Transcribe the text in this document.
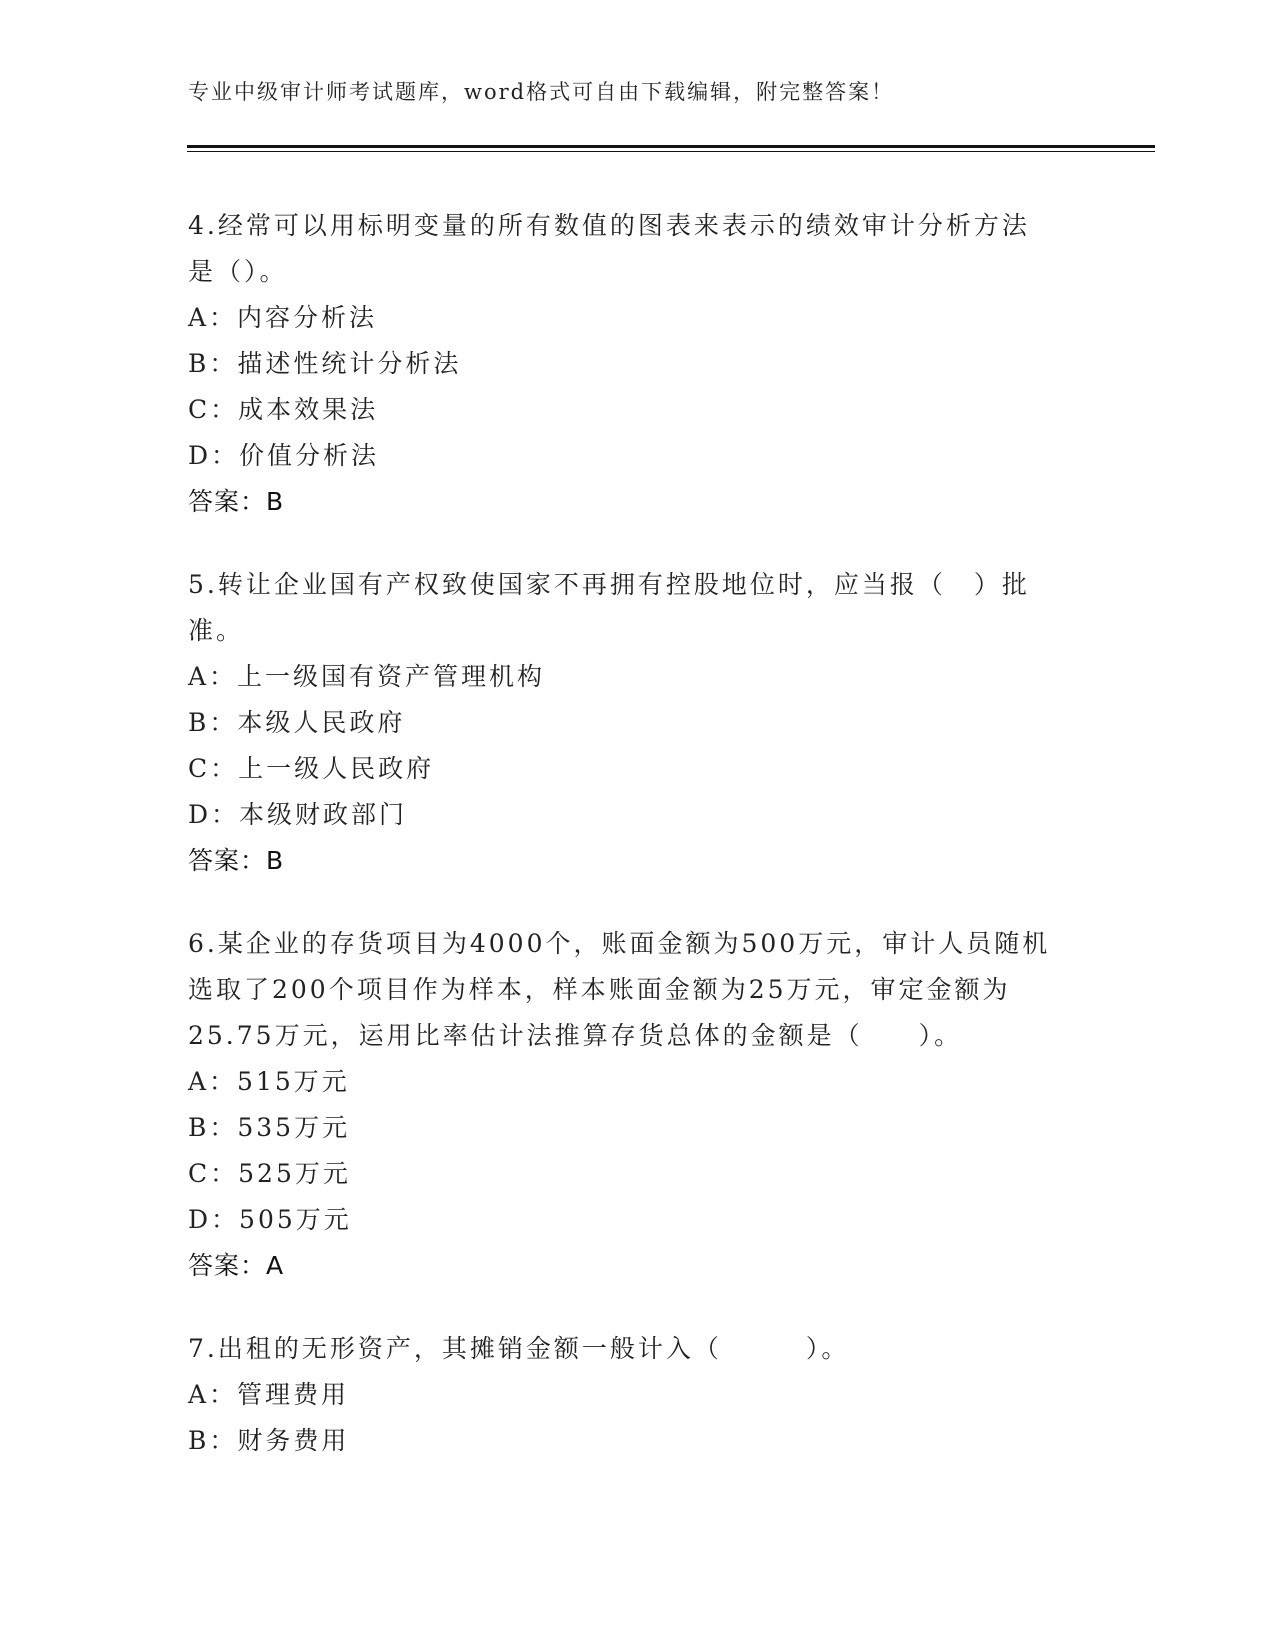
专业中级审计师考试题库，word格式可自由下载编辑，附完整答案！
4.经常可以用标明变量的所有数值的图表来表示的绩效审计分析方法
是（）。
A：内容分析法
B：描述性统计分析法
C：成本效果法
D：价值分析法
答案：B
5.转让企业国有产权致使国家不再拥有控股地位时，应当报（　）批
准。
A：上一级国有资产管理机构
B：本级人民政府
C：上一级人民政府
D：本级财政部门
答案：B
6.某企业的存货项目为4000个，账面金额为500万元，审计人员随机
选取了200个项目作为样本，样本账面金额为25万元，审定金额为
25.75万元，运用比率估计法推算存货总体的金额是（　　）。
A：515万元
B：535万元
C：525万元
D：505万元
答案：A
7.出租的无形资产，其摊销金额一般计入（　　　）。
A：管理费用
B：财务费用
